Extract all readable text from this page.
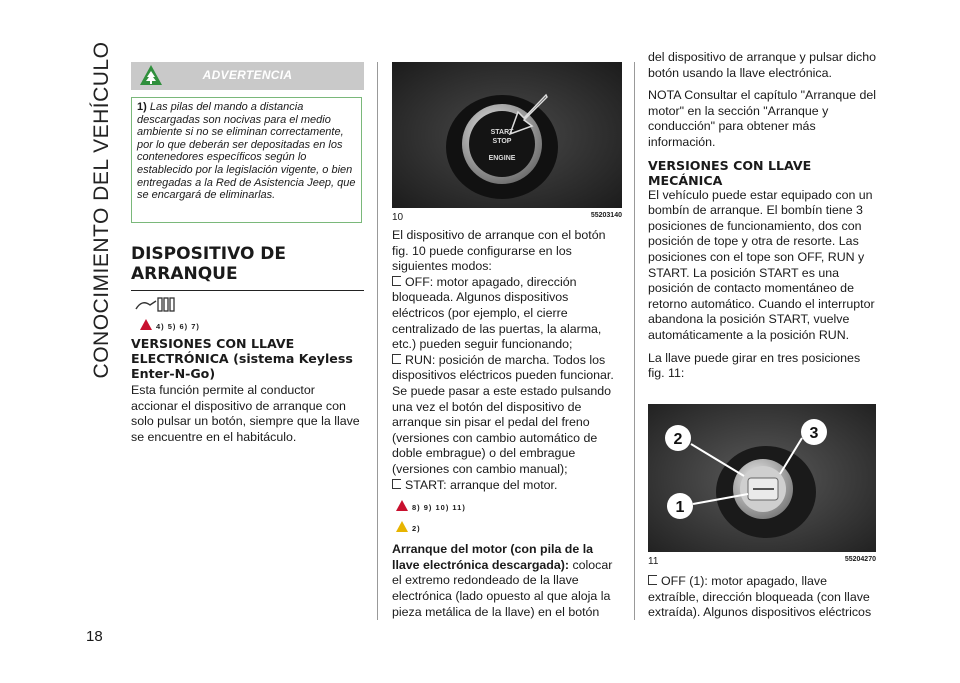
CONOCIMIENTO DEL VEHÍCULO
18
ADVERTENCIA
1) Las pilas del mando a distancia descargadas son nocivas para el medio ambiente si no se eliminan correctamente, por lo que deberán ser depositadas en los contenedores específicos según lo establecido por la legislación vigente, o bien entregadas a la Red de Asistencia Jeep, que se encargará de eliminarlas.
DISPOSITIVO DE ARRANQUE
4) 5) 6) 7)
VERSIONES CON LLAVE ELECTRÓNICA (sistema Keyless Enter-N-Go)

Esta función permite al conductor accionar el dispositivo de arranque con solo pulsar un botón, siempre que la llave se encuentre en el habitáculo.

START
STOP
ENGINE
10	55203140

El dispositivo de arranque con el botón fig. 10 puede configurarse en los siguientes modos:

OFF: motor apagado, dirección bloqueada. Algunos dispositivos eléctricos (por ejemplo, el cierre centralizado de las puertas, la alarma, etc.) pueden seguir funcionando;
RUN: posición de marcha. Todos los dispositivos eléctricos pueden funcionar. Se puede pasar a este estado pulsando una vez el botón del dispositivo de arranque sin pisar el pedal del freno (versiones con cambio automático de doble embrague) o del embrague (versiones con cambio manual);
START: arranque del motor.
8) 9) 10) 11)
2)

Arranque del motor (con pila de la llave electrónica descargada): colocar el extremo redondeado de la llave electrónica (lado opuesto al que aloja la pieza metálica de la llave) en el botón

del dispositivo de arranque y pulsar dicho botón usando la llave electrónica.

NOTA Consultar el capítulo "Arranque del motor" en la sección "Arranque y conducción" para obtener más información.

VERSIONES CON LLAVE MECÁNICA

El vehículo puede estar equipado con un bombín de arranque. El bombín tiene 3 posiciones de funcionamiento, dos con posición de tope y otra de resorte. Las posiciones con el tope son OFF, RUN y START. La posición START es una posición de contacto momentáneo de retorno automático. Cuando el interruptor abandona la posición START, vuelve automáticamente a la posición RUN.

La llave puede girar en tres posiciones fig. 11:

2	3
1
11	55204270
OFF (1): motor apagado, llave extraíble, dirección bloqueada (con llave extraída). Algunos dispositivos eléctricos
